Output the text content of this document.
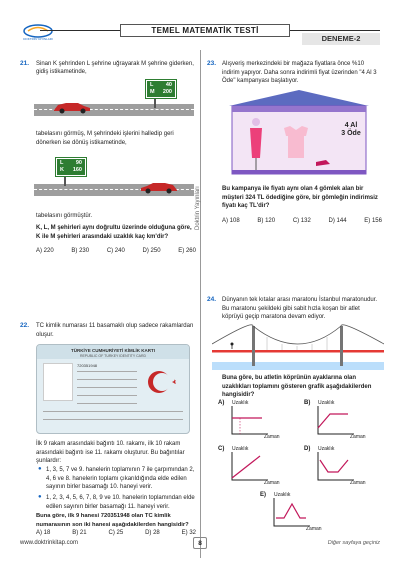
DOKTRİN YAYINLARI
TEMEL MATEMATİK TESTİ
DENEME-2
Doktrin Yayınları
21. Sinan K şehrinden L şehrine uğrayarak M şehrine giderken,
gidiş istikametinde,
L 40
M 200
tabelasını görmüş, M şehrindeki işlerini halledip geri dönerken ise dönüş istikametinde,
L 90
K 160
tabelasını görmüştür.
K, L, M şehirleri aynı doğrultu üzerinde olduğuna göre, K ile M şehirleri arasındaki uzaklık kaç km'dir?
A) 220	B) 230	C) 240	D) 250	E) 260
22. TC kimlik numarası 11 basamaklı olup sadece rakamlardan oluşur.
TÜRKİYE CUMHURİYETİ KİMLİK KARTI
REPUBLIC OF TURKEY IDENTITY CARD
720351948
İlk 9 rakam arasındaki bağıntı 10. rakamı, ilk 10 rakam arasındaki bağıntı ise 11. rakamı oluşturur. Bu bağıntılar şunlardır:
● 1, 3, 5, 7 ve 9. hanelerin toplamının 7 ile çarpımından 2, 4, 6 ve 8. hanelerin toplamı çıkarıldığında elde edilen sayının birler basamağı 10. haneyi verir.
● 1, 2, 3, 4, 5, 6, 7, 8, 9 ve 10. hanelerin toplamından elde edilen sayının birler basamağı 11. haneyi verir.
Buna göre, ilk 9 hanesi 720351948 olan TC kimlik numarasının son iki hanesi aşağıdakilerden hangisidir?
A) 18	B) 21	C) 25	D) 28	E) 32
23. Alışveriş merkezindeki bir mağaza fiyatlara önce %10 indirim yapıyor. Daha sonra indirimli fiyat üzerinden "4 Al 3 Öde" kampanyası başlatıyor.
4 Al
3 Öde
Bu kampanya ile fiyatı aynı olan 4 gömlek alan bir müşteri 324 TL ödediğine göre, bir gömleğin indirimsiz fiyatı kaç TL'dir?
A) 108	B) 120	C) 132	D) 144	E) 156
24. Dünyanın tek kıtalar arası maratonu İstanbul maratonudur. Bu maratonu şekildeki gibi sabit hızla koşan bir atlet köprüyü geçip maratona devam ediyor.
Buna göre, bu atletin köprünün ayaklarına olan uzaklıkları toplamını gösteren grafik aşağıdakilerden hangisidir?
A) Uzaklık
Zaman
B) Uzaklık
Zaman
C) Uzaklık
Zaman
D) Uzaklık
Zaman
E) Uzaklık
Zaman
www.doktrinkitap.com	8	Diğer sayfaya geçiniz
